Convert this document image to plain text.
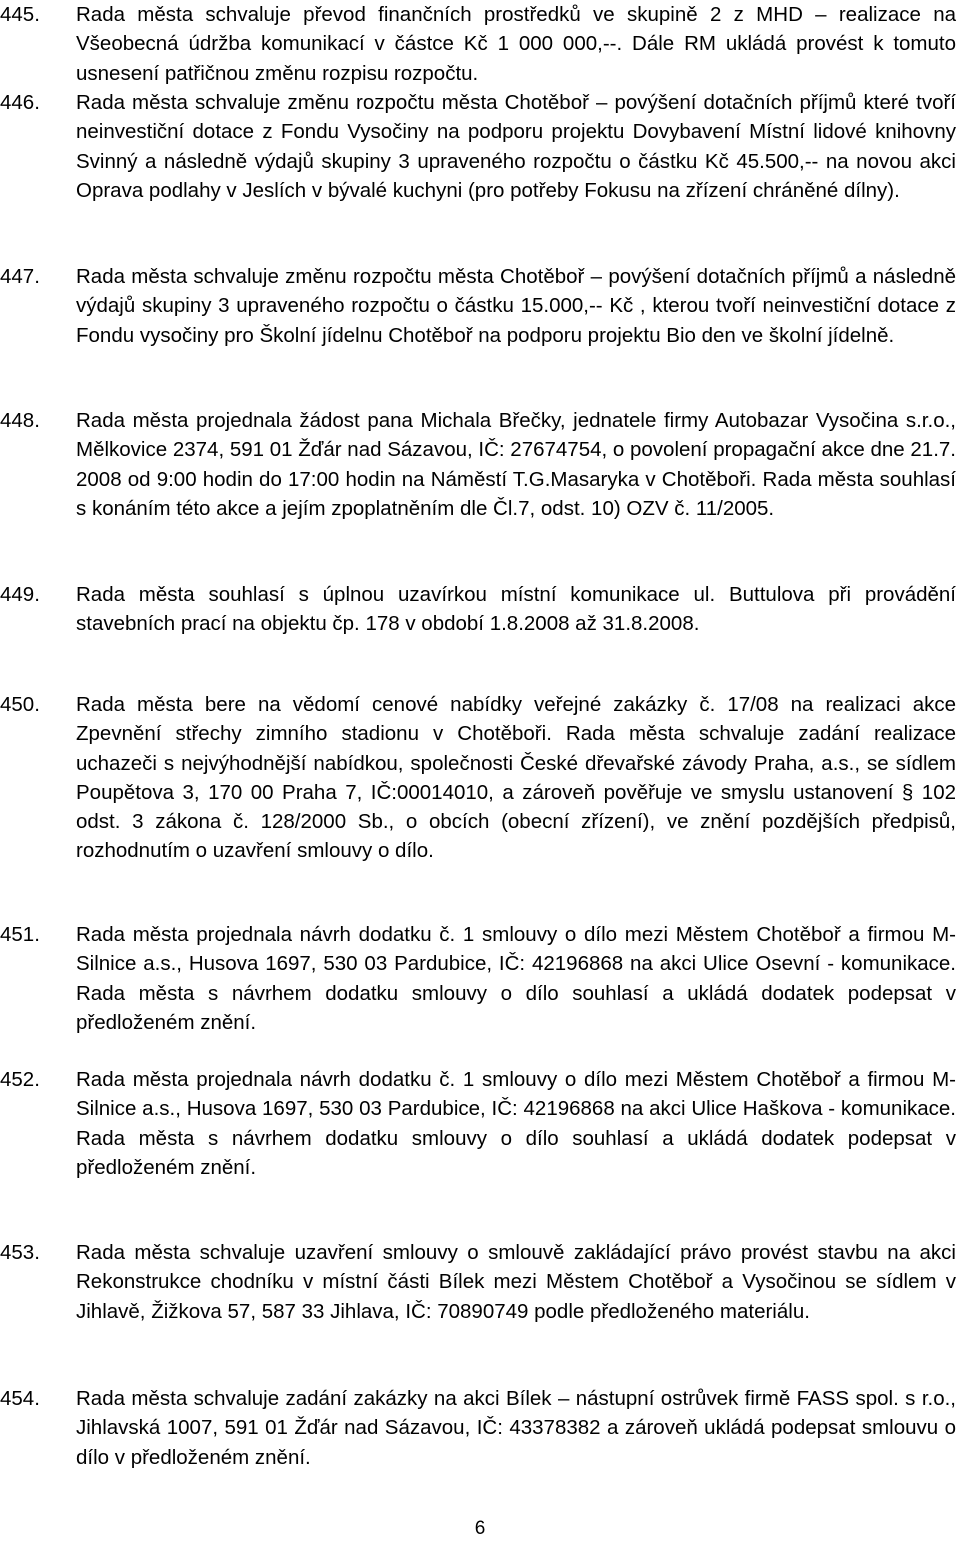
445.	Rada města schvaluje převod finančních prostředků ve skupině 2 z MHD – realizace na Všeobecná údržba komunikací v částce Kč 1 000 000,--. Dále RM ukládá provést k tomuto usnesení patřičnou změnu rozpisu rozpočtu.
446.	Rada města schvaluje změnu rozpočtu města Chotěboř – povýšení dotačních příjmů které tvoří neinvestiční dotace z Fondu Vysočiny na podporu projektu Dovybavení Místní lidové knihovny Svinný a následně výdajů skupiny 3 upraveného rozpočtu o částku Kč 45.500,-- na novou akci Oprava podlahy v Jeslích v bývalé kuchyni (pro potřeby Fokusu na zřízení chráněné dílny).
447.	Rada města schvaluje změnu rozpočtu města Chotěboř – povýšení dotačních příjmů a následně výdajů skupiny 3 upraveného rozpočtu o částku 15.000,-- Kč , kterou tvoří neinvestiční dotace z Fondu vysočiny pro Školní jídelnu Chotěboř na podporu projektu Bio den ve školní jídelně.
448.	Rada města projednala žádost pana Michala Břečky, jednatele firmy Autobazar Vysočina s.r.o., Mělkovice 2374, 591 01 Žďár nad Sázavou, IČ: 27674754, o povolení propagační akce dne 21.7. 2008 od 9:00 hodin do 17:00 hodin na Náměstí T.G.Masaryka v Chotěboři. Rada města souhlasí s konáním této akce a jejím zpoplatněním dle Čl.7, odst. 10) OZV č. 11/2005.
449.	Rada města souhlasí s úplnou uzavírkou místní komunikace ul. Buttulova při provádění stavebních prací na objektu čp. 178 v období 1.8.2008 až 31.8.2008.
450.	Rada města bere na vědomí cenové nabídky veřejné zakázky č. 17/08 na realizaci akce Zpevnění střechy zimního stadionu v Chotěboři. Rada města schvaluje zadání realizace uchazeči s nejvýhodnější nabídkou, společnosti České dřevařské závody Praha, a.s., se sídlem Poupětova 3, 170 00 Praha 7, IČ:00014010, a zároveň pověřuje ve smyslu ustanovení § 102 odst. 3 zákona č. 128/2000 Sb., o obcích (obecní zřízení), ve znění pozdějších předpisů, rozhodnutím o uzavření smlouvy o dílo.
451.	Rada města projednala návrh dodatku č. 1 smlouvy o dílo mezi Městem Chotěboř a firmou M-Silnice a.s., Husova 1697, 530 03 Pardubice, IČ: 42196868 na akci Ulice Osevní - komunikace. Rada města s návrhem dodatku smlouvy o dílo souhlasí a ukládá dodatek podepsat v předloženém znění.
452.	Rada města projednala návrh dodatku č. 1 smlouvy o dílo mezi Městem Chotěboř a firmou M-Silnice a.s., Husova 1697, 530 03 Pardubice, IČ: 42196868 na akci Ulice Haškova - komunikace. Rada města s návrhem dodatku smlouvy o dílo souhlasí a ukládá dodatek podepsat v předloženém znění.
453.	Rada města schvaluje uzavření smlouvy o smlouvě zakládající právo provést stavbu na akci Rekonstrukce chodníku v místní části Bílek mezi Městem Chotěboř a Vysočinou se sídlem v Jihlavě, Žižkova 57, 587 33 Jihlava, IČ: 70890749 podle předloženého materiálu.
454.	Rada města schvaluje zadání zakázky na akci Bílek – nástupní ostrůvek firmě FASS spol. s r.o., Jihlavská 1007, 591 01 Žďár nad Sázavou, IČ: 43378382 a zároveň ukládá podepsat smlouvu o dílo v předloženém znění.
6
